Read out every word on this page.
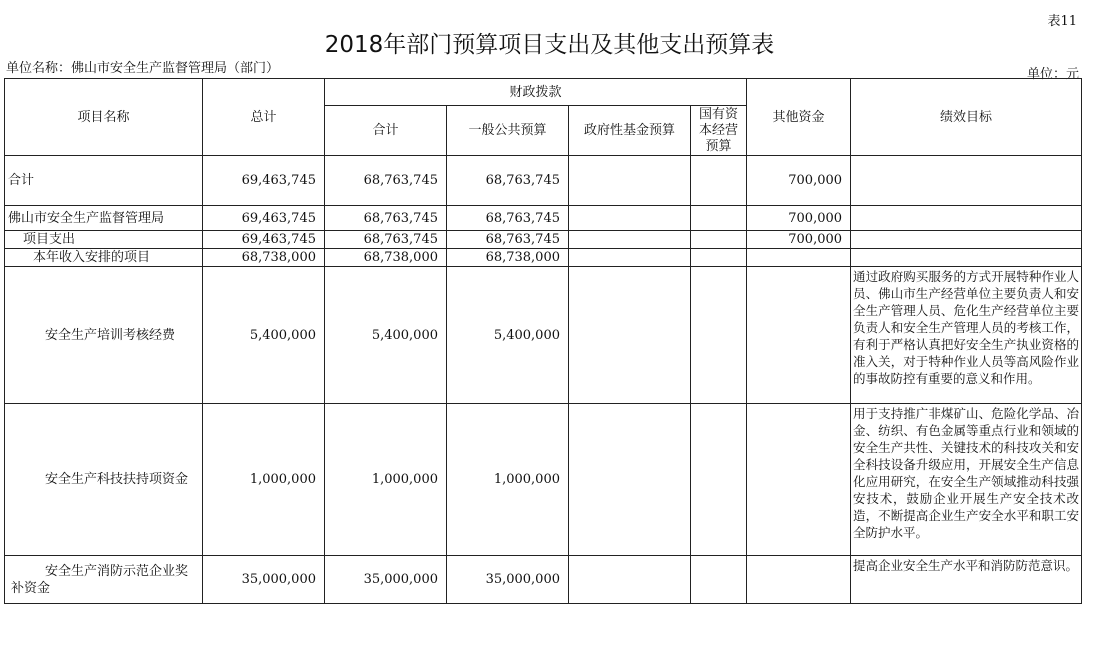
表11
2018年部门预算项目支出及其他支出预算表
单位名称：佛山市安全生产监督管理局（部门）	单位：元
项目名称	总计	财政拨款				其他资金	绩效目标
		合计	一般公共预算	政府性基金预算	国有资本经营预算		
合计	69,463,745	68,763,745	68,763,745			700,000	
佛山市安全生产监督管理局	69,463,745	68,763,745	68,763,745			700,000	
项目支出	69,463,745	68,763,745	68,763,745			700,000	
本年收入安排的项目	68,738,000	68,738,000	68,738,000				
安全生产培训考核经费	5,400,000	5,400,000	5,400,000				通过政府购买服务的方式开展特种作业人员、佛山市生产经营单位主要负责人和安全生产管理人员、危化生产经营单位主要负责人和安全生产管理人员的考核工作，有利于严格认真把好安全生产执业资格的准入关，对于特种作业人员等高风险作业的事故防控有重要的意义和作用。
安全生产科技扶持项资金	1,000,000	1,000,000	1,000,000				用于支持推广非煤矿山、危险化学品、冶金、纺织、有色金属等重点行业和领域的安全生产共性、关键技术的科技攻关和安全科技设备升级应用，开展安全生产信息化应用研究，在安全生产领域推动科技强安技术，鼓励企业开展生产安全技术改造，不断提高企业生产安全水平和职工安全防护水平。
安全生产消防示范企业奖补资金	35,000,000	35,000,000	35,000,000				提高企业安全生产水平和消防防范意识。
